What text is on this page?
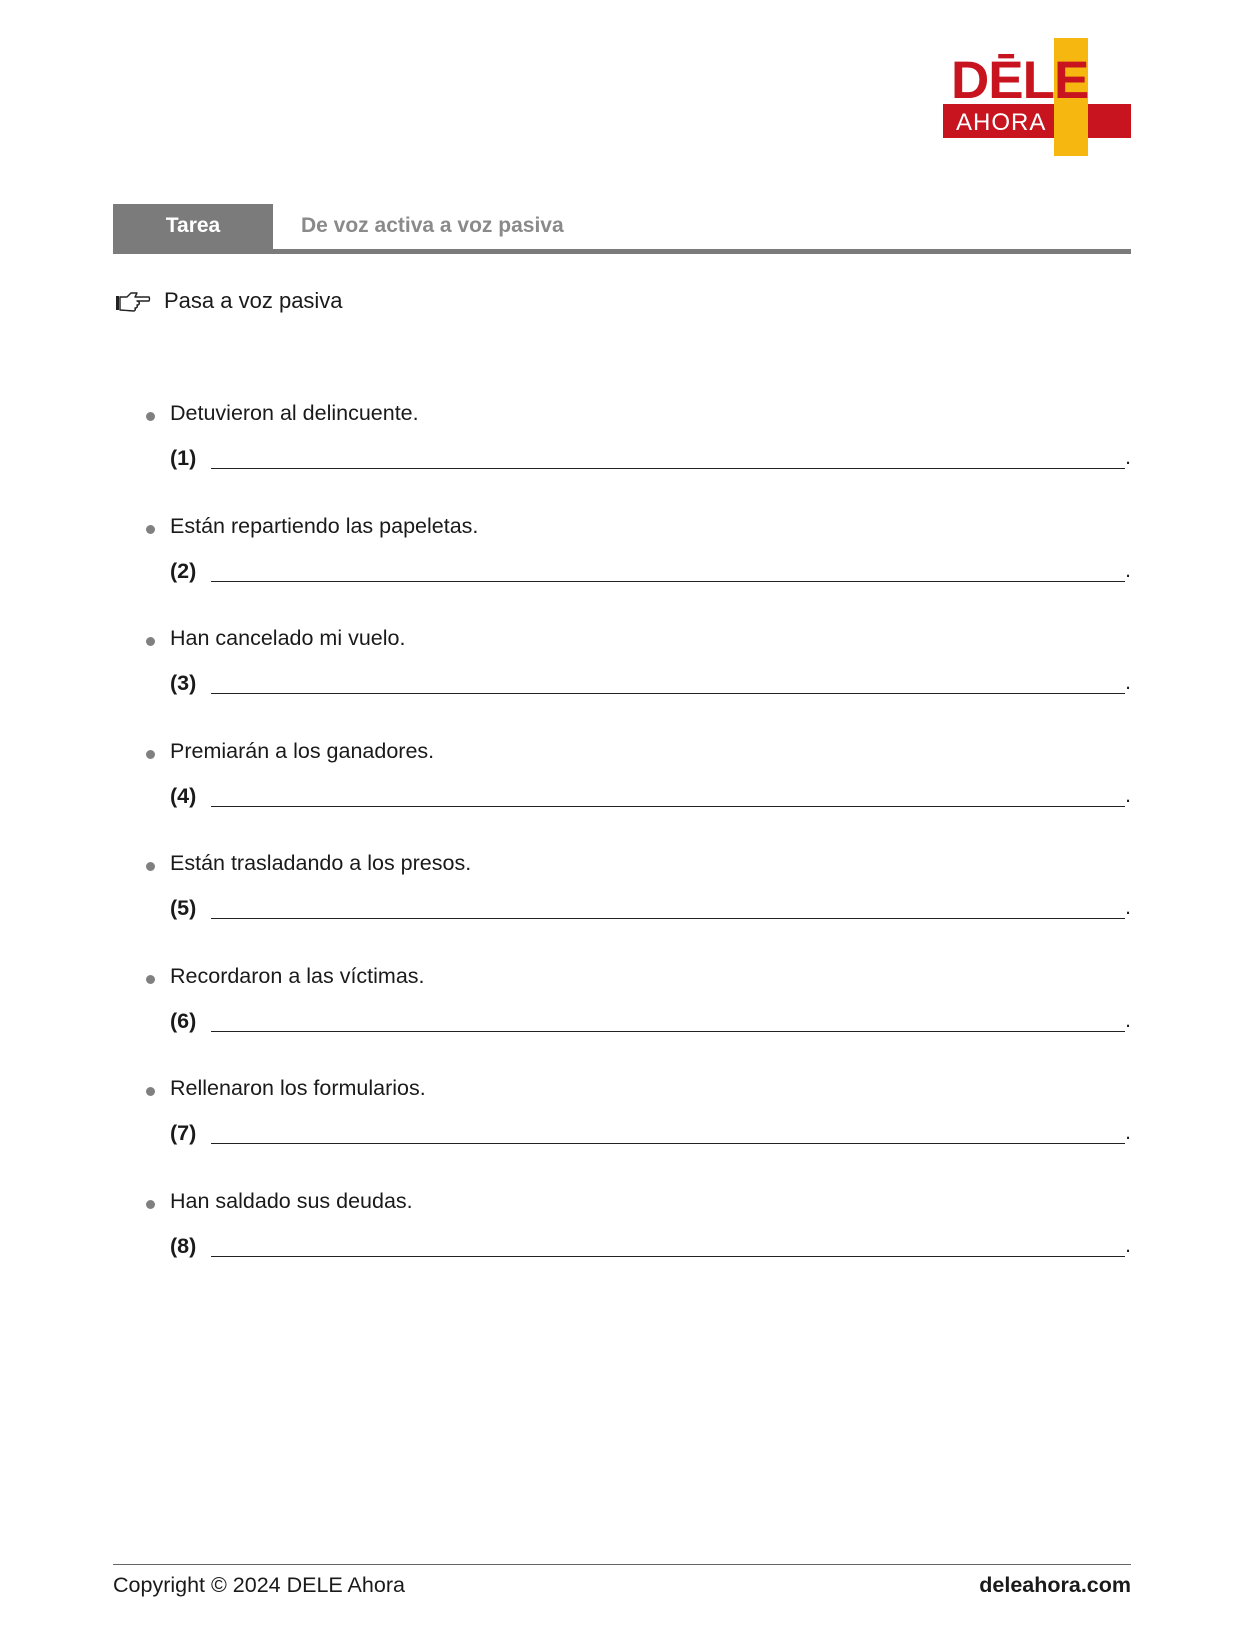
DĒLE
AHORA
Tarea	De voz activa a voz pasiva
Pasa a voz pasiva
Detuvieron al delincuente.
(1)	.
Están repartiendo las papeletas.
(2)	.
Han cancelado mi vuelo.
(3)	.
Premiarán a los ganadores.
(4)	.
Están trasladando a los presos.
(5)	.
Recordaron a las víctimas.
(6)	.
Rellenaron los formularios.
(7)	.
Han saldado sus deudas.
(8)	.
Copyright © 2024 DELE Ahora	deleahora.com
